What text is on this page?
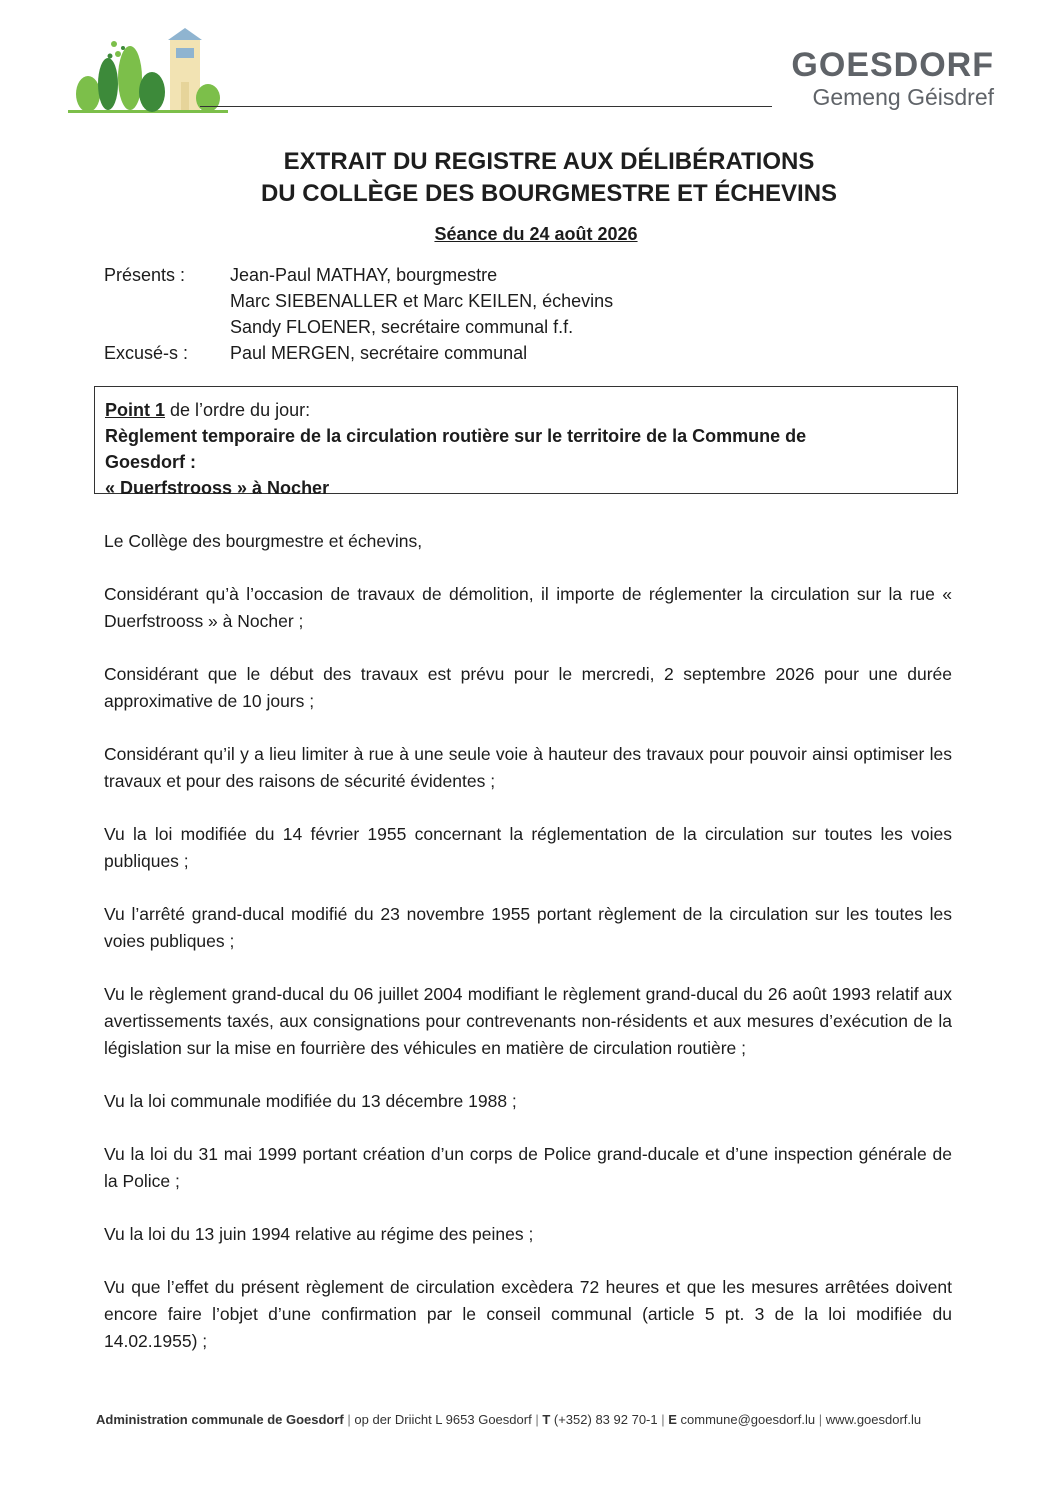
GOESDORF
Gemeng Géisdref
EXTRAIT DU REGISTRE AUX DÉLIBÉRATIONS
DU COLLÈGE DES BOURGMESTRE ET ÉCHEVINS
Séance du 24 août 2026
Présents :	Jean-Paul MATHAY, bourgmestre
Marc SIEBENALLER et Marc KEILEN, échevins
Sandy FLOENER, secrétaire communal f.f.
Excusé-s :	Paul MERGEN, secrétaire communal
Point 1 de l’ordre du jour:
Règlement temporaire de la circulation routière sur le territoire de la Commune de
Goesdorf :
« Duerfstrooss » à Nocher

Le Collège des bourgmestre et échevins,

Considérant qu’à l’occasion de travaux de démolition, il importe de réglementer la circulation sur la rue « Duerfstrooss » à Nocher ;

Considérant que le début des travaux est prévu pour le mercredi, 2 septembre 2026 pour une durée approximative de 10 jours ;

Considérant qu’il y a lieu limiter à rue à une seule voie à hauteur des travaux pour pouvoir ainsi optimiser les travaux et pour des raisons de sécurité évidentes ;

Vu la loi modifiée du 14 février 1955 concernant la réglementation de la circulation sur toutes les voies publiques ;

Vu l’arrêté grand-ducal modifié du 23 novembre 1955 portant règlement de la circulation sur les toutes les voies publiques ;

Vu le règlement grand-ducal du 06 juillet 2004 modifiant le règlement grand-ducal du 26 août 1993 relatif aux avertissements taxés, aux consignations pour contrevenants non-résidents et aux mesures d’exécution de la législation sur la mise en fourrière des véhicules en matière de circulation routière ;

Vu la loi communale modifiée du 13 décembre 1988 ;

Vu la loi du 31 mai 1999 portant création d’un corps de Police grand-ducale et d’une inspection générale de la Police ;

Vu la loi du 13 juin 1994 relative au régime des peines ;

Vu que l’effet du présent règlement de circulation excèdera 72 heures et que les mesures arrêtées doivent encore faire l’objet d’une confirmation par le conseil communal (article 5 pt. 3 de la loi modifiée du 14.02.1955) ;

Administration communale de Goesdorf | op der Driicht L 9653 Goesdorf | T (+352) 83 92 70-1 | E commune@goesdorf.lu | www.goesdorf.lu
